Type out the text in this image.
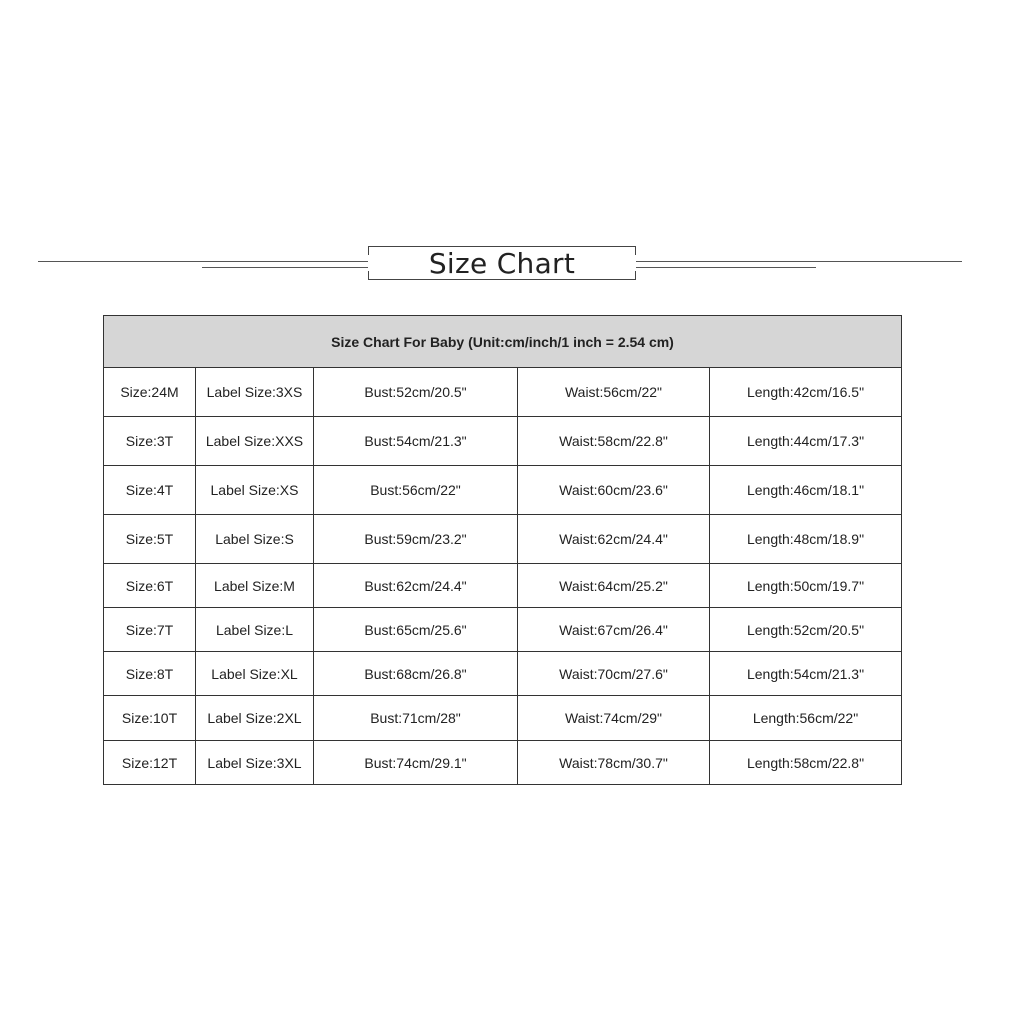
Size Chart
Size Chart For Baby (Unit:cm/inch/1 inch = 2.54 cm)				
Size:24M	Label Size:3XS	Bust:52cm/20.5"	Waist:56cm/22"	Length:42cm/16.5"
Size:3T	Label Size:XXS	Bust:54cm/21.3"	Waist:58cm/22.8"	Length:44cm/17.3"
Size:4T	Label Size:XS	Bust:56cm/22"	Waist:60cm/23.6"	Length:46cm/18.1"
Size:5T	Label Size:S	Bust:59cm/23.2"	Waist:62cm/24.4"	Length:48cm/18.9"
Size:6T	Label Size:M	Bust:62cm/24.4"	Waist:64cm/25.2"	Length:50cm/19.7"
Size:7T	Label Size:L	Bust:65cm/25.6"	Waist:67cm/26.4"	Length:52cm/20.5"
Size:8T	Label Size:XL	Bust:68cm/26.8"	Waist:70cm/27.6"	Length:54cm/21.3"
Size:10T	Label Size:2XL	Bust:71cm/28"	Waist:74cm/29"	Length:56cm/22"
Size:12T	Label Size:3XL	Bust:74cm/29.1"	Waist:78cm/30.7"	Length:58cm/22.8"
